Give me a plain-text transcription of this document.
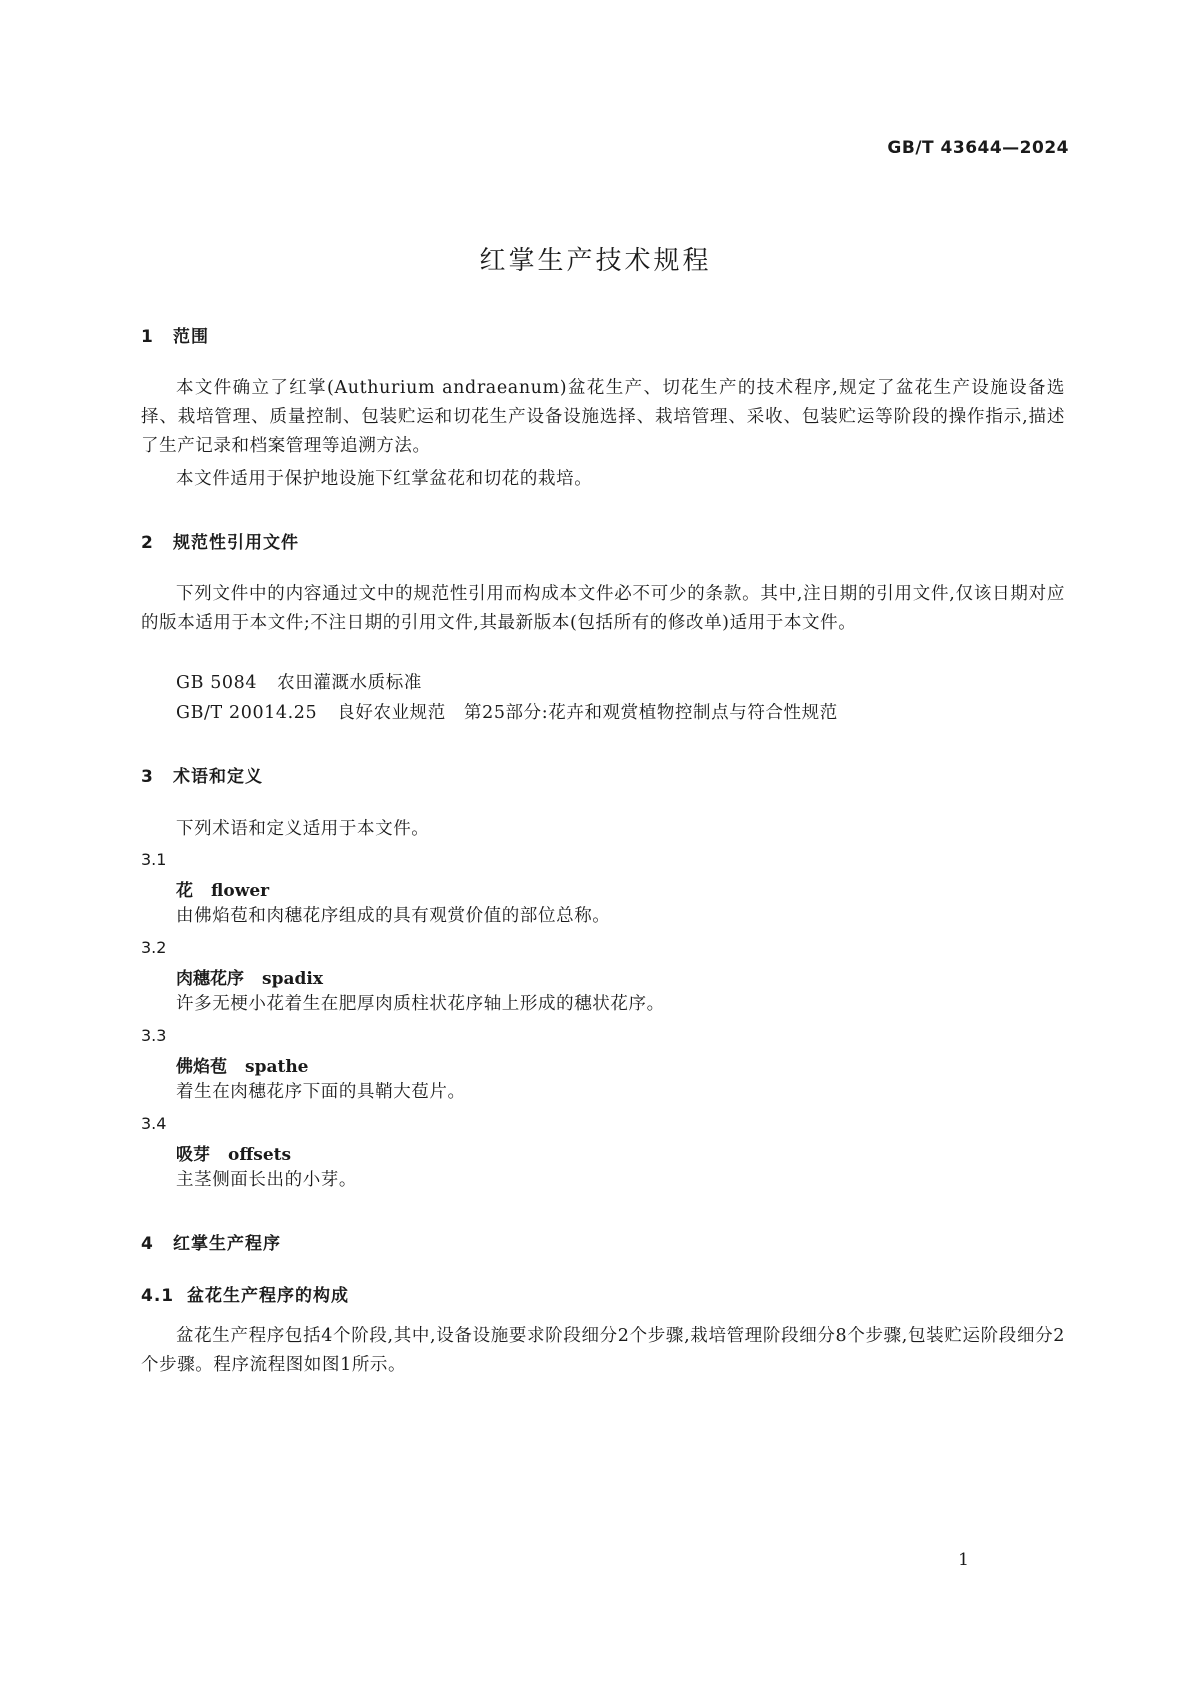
GB/T 43644—2024
红掌生产技术规程
1 范围
本文件确立了红掌(Authurium andraeanum)盆花生产、切花生产的技术程序,规定了盆花生产设施设备选择、栽培管理、质量控制、包装贮运和切花生产设备设施选择、栽培管理、采收、包装贮运等阶段的操作指示,描述了生产记录和档案管理等追溯方法。
本文件适用于保护地设施下红掌盆花和切花的栽培。
2 规范性引用文件
下列文件中的内容通过文中的规范性引用而构成本文件必不可少的条款。其中,注日期的引用文件,仅该日期对应的版本适用于本文件;不注日期的引用文件,其最新版本(包括所有的修改单)适用于本文件。
GB 5084 农田灌溉水质标准
GB/T 20014.25 良好农业规范　第25部分:花卉和观赏植物控制点与符合性规范
3 术语和定义
下列术语和定义适用于本文件。
3.1
花 flower
由佛焰苞和肉穗花序组成的具有观赏价值的部位总称。
3.2
肉穗花序 spadix
许多无梗小花着生在肥厚肉质柱状花序轴上形成的穗状花序。
3.3
佛焰苞 spathe
着生在肉穗花序下面的具鞘大苞片。
3.4
吸芽 offsets
主茎侧面长出的小芽。
4 红掌生产程序
4.1 盆花生产程序的构成
盆花生产程序包括4个阶段,其中,设备设施要求阶段细分2个步骤,栽培管理阶段细分8个步骤,包装贮运阶段细分2个步骤。程序流程图如图1所示。
1
